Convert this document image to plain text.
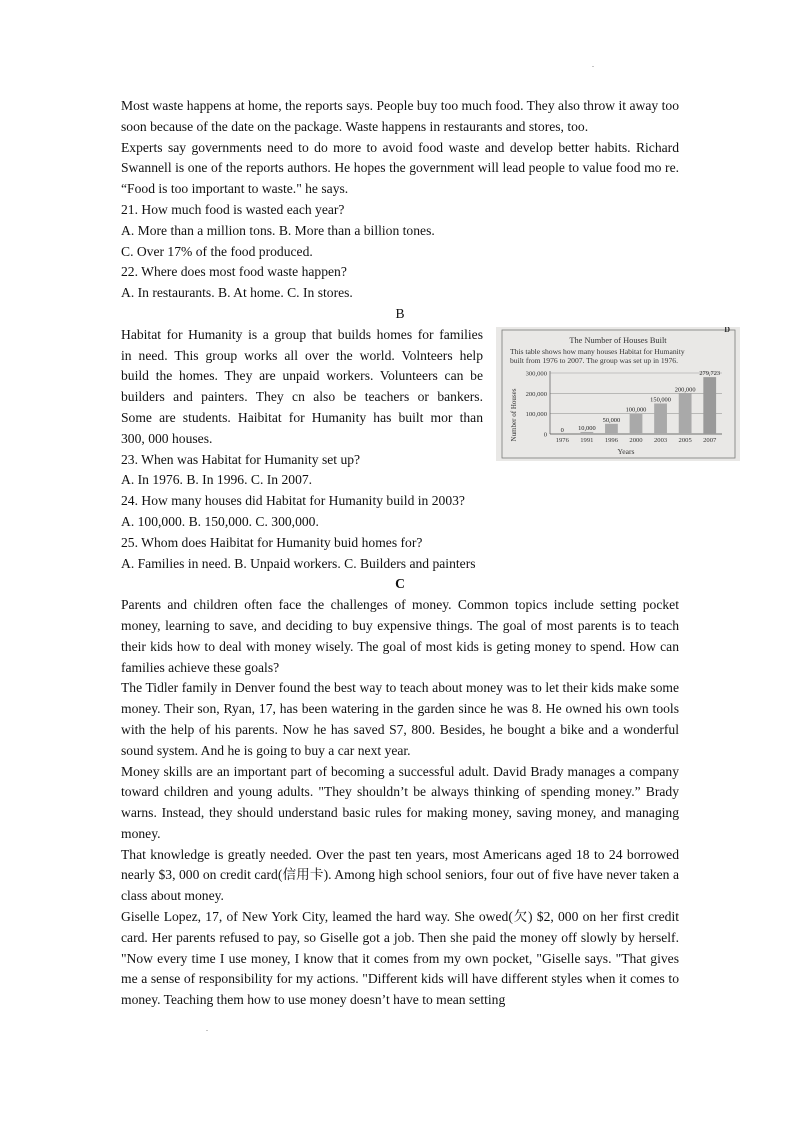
.
.

Most waste happens at home, the reports says. People buy too much food. They also throw it away too soon because of the date on the package. Waste happens in restaurants and stores, too.

Experts say governments need to do more to avoid food waste and develop better habits. Richard Swannell is one of the reports authors. He hopes the government will lead people to value food mo re. “Food is too important to waste." he says.

21. How much food is wasted each year?

A. More than a million tons. B. More than a billion tones.

C. Over 17% of the food produced.

22. Where does most food waste happen?

A. In restaurants. B. At home. C. In stores.

B

Habitat for Humanity is a group that builds homes for families

in need. This group works all over the world. Volnteers help

build the homes. They are unpaid workers. Volunteers can be

builders and painters. They cn also be teachers or bankers.

Some are students. Haibitat for Humanity has built mor than

300, 000 houses.

23. When was Habitat for Humanity set up?

A. In 1976. B. In 1996. C. In 2007.

24. How many houses did Habitat for Humanity build in 2003?

A. 100,000. B. 150,000. C. 300,000.

25. Whom does Haibitat for Humanity buid homes for?

A. Families in need. B. Unpaid workers. C. Builders and painters

D
The Number of Houses Built
This table shows how many houses Habitat for Humanity
built from 1976 to 2007. The group was set up in 1976.
Number of Houses
Years
0
100,000
200,000
300,000
0
1976
10,000
1991
50,000
1996
100,000
2000
150,000
2003
200,000
2005
279,723
2007

C

Parents and children often face the challenges of money. Common topics include setting pocket money, learning to save, and deciding to buy expensive things. The goal of most parents is to teach their kids how to deal with money wisely. The goal of most kids is geting money to spend. How can families achieve these goals?

The Tidler family in Denver found the best way to teach about money was to let their kids make some money. Their son, Ryan, 17, has been watering in the garden since he was 8. He owned his own tools with the help of his parents. Now he has saved S7, 800. Besides, he bought a bike and a wonderful sound system. And he is going to buy a car next year.

Money skills are an important part of becoming a successful adult. David Brady manages a company toward children and young adults. "They shouldn’t be always thinking of spending money.” Brady warns. Instead, they should understand basic rules for making money, saving money, and managing money.

That knowledge is greatly needed. Over the past ten years, most Americans aged 18 to 24 borrowed nearly $3, 000 on credit card(信用卡). Among high school seniors, four out of five have never taken a class about money.

Giselle Lopez, 17, of New York City, leamed the hard way. She owed(欠) $2, 000 on her first credit card. Her parents refused to pay, so Giselle got a job. Then she paid the money off slowly by herself. "Now every time I use money, I know that it comes from my own pocket, "Giselle says. "That gives me a sense of responsibility for my actions. "Different kids will have different styles when it comes to money. Teaching them how to use money doesn’t have to mean setting
